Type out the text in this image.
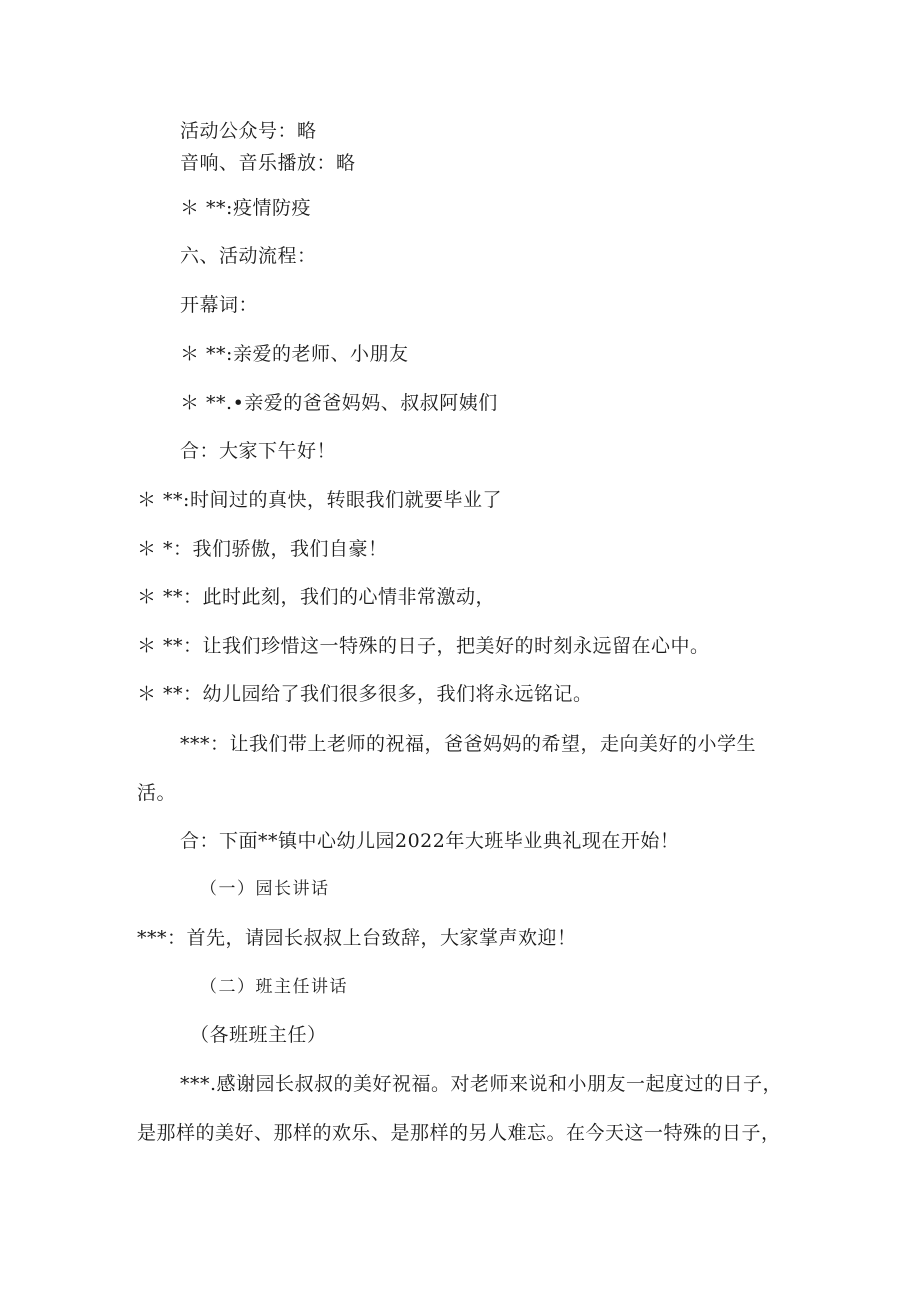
活动公众号：略
音响、音乐播放：略
＊ **:疫情防疫
六、活动流程：
开幕词：
＊ **:亲爱的老师、小朋友
＊ **.•亲爱的爸爸妈妈、叔叔阿姨们
合：大家下午好！
＊ **:时间过的真快，转眼我们就要毕业了
＊ *：我们骄傲，我们自豪！
＊ **：此时此刻，我们的心情非常激动，
＊ **：让我们珍惜这一特殊的日子，把美好的时刻永远留在心中。
＊ **：幼儿园给了我们很多很多，我们将永远铭记。
***：让我们带上老师的祝福，爸爸妈妈的希望，走向美好的小学生
活。
合：下面**镇中心幼儿园2022年大班毕业典礼现在开始！
（一）园长讲话
***：首先，请园长叔叔上台致辞，大家掌声欢迎！
（二）班主任讲话
（各班班主任）
***.感谢园长叔叔的美好祝福。对老师来说和小朋友一起度过的日子，
是那样的美好、那样的欢乐、是那样的另人难忘。在今天这一特殊的日子，
